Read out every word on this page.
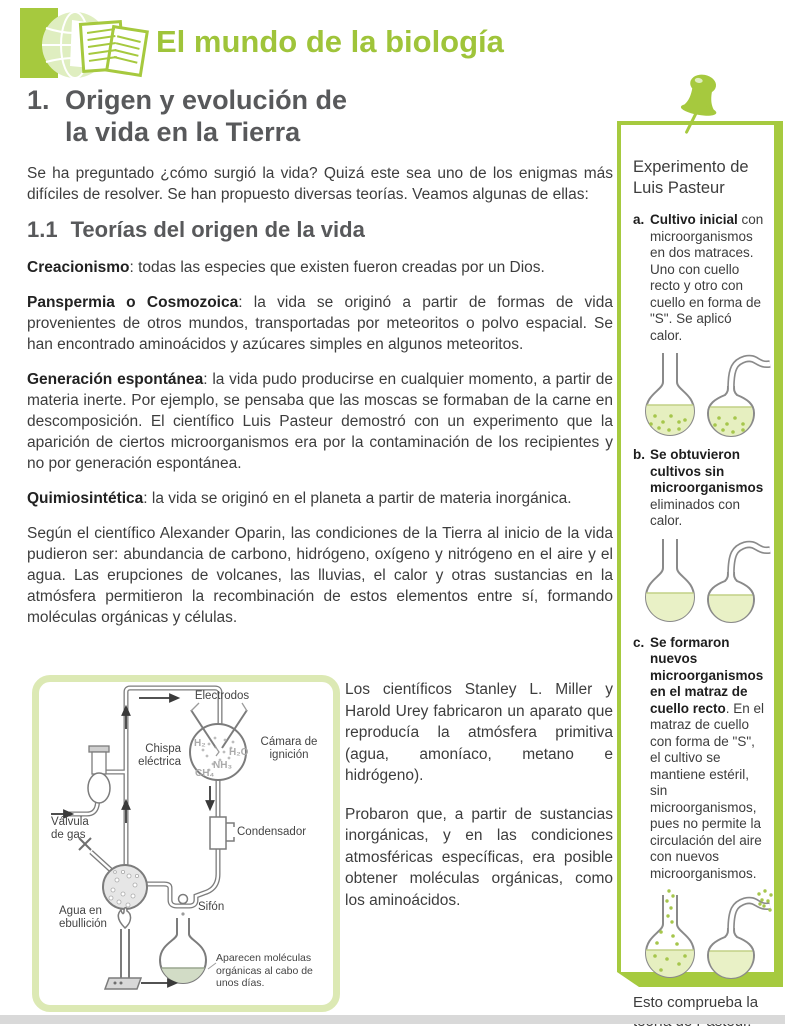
El mundo de la biología
1. Origen y evolución de
la vida en la Tierra

Se ha preguntado ¿cómo surgió la vida? Quizá este sea uno de los enigmas más difíciles de resolver. Se han propuesto diversas teorías. Veamos algunas de ellas:

1.1 Teorías del origen de la vida

Creacionismo: todas las especies que existen fueron creadas por un Dios.

Panspermia o Cosmozoica: la vida se originó a partir de formas de vida provenientes de otros mundos, transportadas por meteoritos o polvo espacial. Se han encontrado aminoácidos y azúcares simples en algunos meteoritos.

Generación espontánea: la vida pudo producirse en cualquier momento, a partir de materia inerte. Por ejemplo, se pensaba que las moscas se formaban de la carne en descomposición. El científico Luis Pasteur demostró con un experimento que la aparición de ciertos microorganismos era por la contaminación de los recipientes y no por generación espontánea.

Quimiosintética: la vida se originó en el planeta a partir de materia inorgánica.

Según el científico Alexander Oparin, las condiciones de la Tierra al inicio de la vida pudieron ser: abundancia de carbono, hidrógeno, oxígeno y nitrógeno en el aire y el agua. Las erupciones de volcanes, las lluvias, el calor y otras sustancias en la atmósfera permitieron la recombinación de estos elementos entre sí, formando moléculas orgánicas y células.

Electrodos
Chispa eléctrica
Cámara de ignición
Condensador
Válvula de gas
Agua en ebullición
Sifón
Aparecen moléculas orgánicas al cabo de unos días.
H₂
H₂O
NH₃
CH₄

Los científicos Stanley L. Miller y Harold Urey fabricaron un aparato que reproducía la atmósfera primitiva (agua, amoníaco, metano e hidrógeno).

Probaron que, a partir de sustancias inorgánicas, y en las condiciones atmosféricas específicas, era posible obtener moléculas orgánicas, como los aminoácidos.

Experimento de
Luis Pasteur
a. Cultivo inicial con microorganismos en dos matraces. Uno con cuello recto y otro con cuello en forma de "S". Se aplicó calor.
b. Se obtuvieron cultivos sin microorganismos eliminados con calor.
c. Se formaron nuevos microorganismos en el matraz de cuello recto. En el matraz de cuello con forma de "S", el cultivo se mantiene estéril, sin microorganismos, pues no permite la circulación del aire con nuevos microorganismos.
Esto comprueba la
